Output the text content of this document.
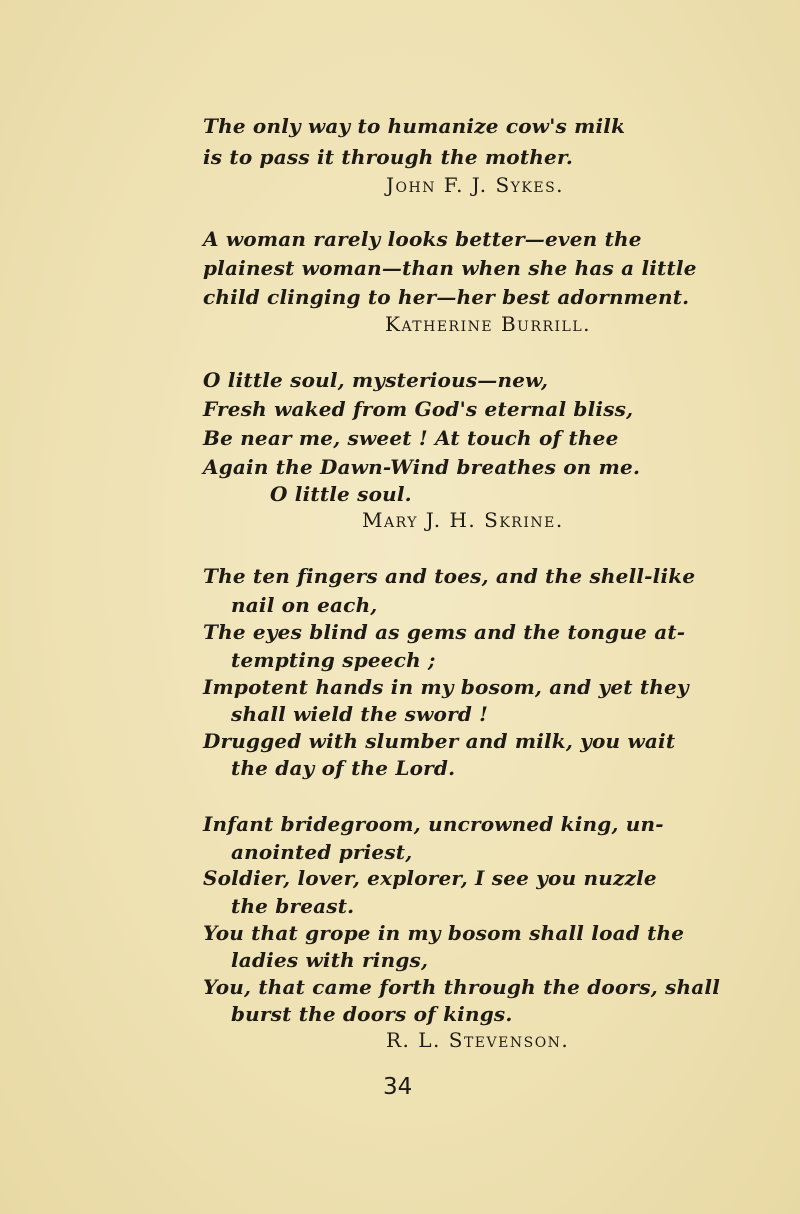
The only way to humanize cow's milk
is to pass it through the mother.
John F. J. Sykes.
A woman rarely looks better—even the
plainest woman—than when she has a little
child clinging to her—her best adornment.
Katherine Burrill.
O little soul, mysterious—new,
Fresh waked from God's eternal bliss,
Be near me, sweet ! At touch of thee
Again the Dawn-Wind breathes on me.
O little soul.
Mary J. H. Skrine.
The ten fingers and toes, and the shell-like
nail on each,
The eyes blind as gems and the tongue at-
tempting speech ;
Impotent hands in my bosom, and yet they
shall wield the sword !
Drugged with slumber and milk, you wait
the day of the Lord.
Infant bridegroom, uncrowned king, un-
anointed priest,
Soldier, lover, explorer, I see you nuzzle
the breast.
You that grope in my bosom shall load the
ladies with rings,
You, that came forth through the doors, shall
burst the doors of kings.
R. L. Stevenson.
34
